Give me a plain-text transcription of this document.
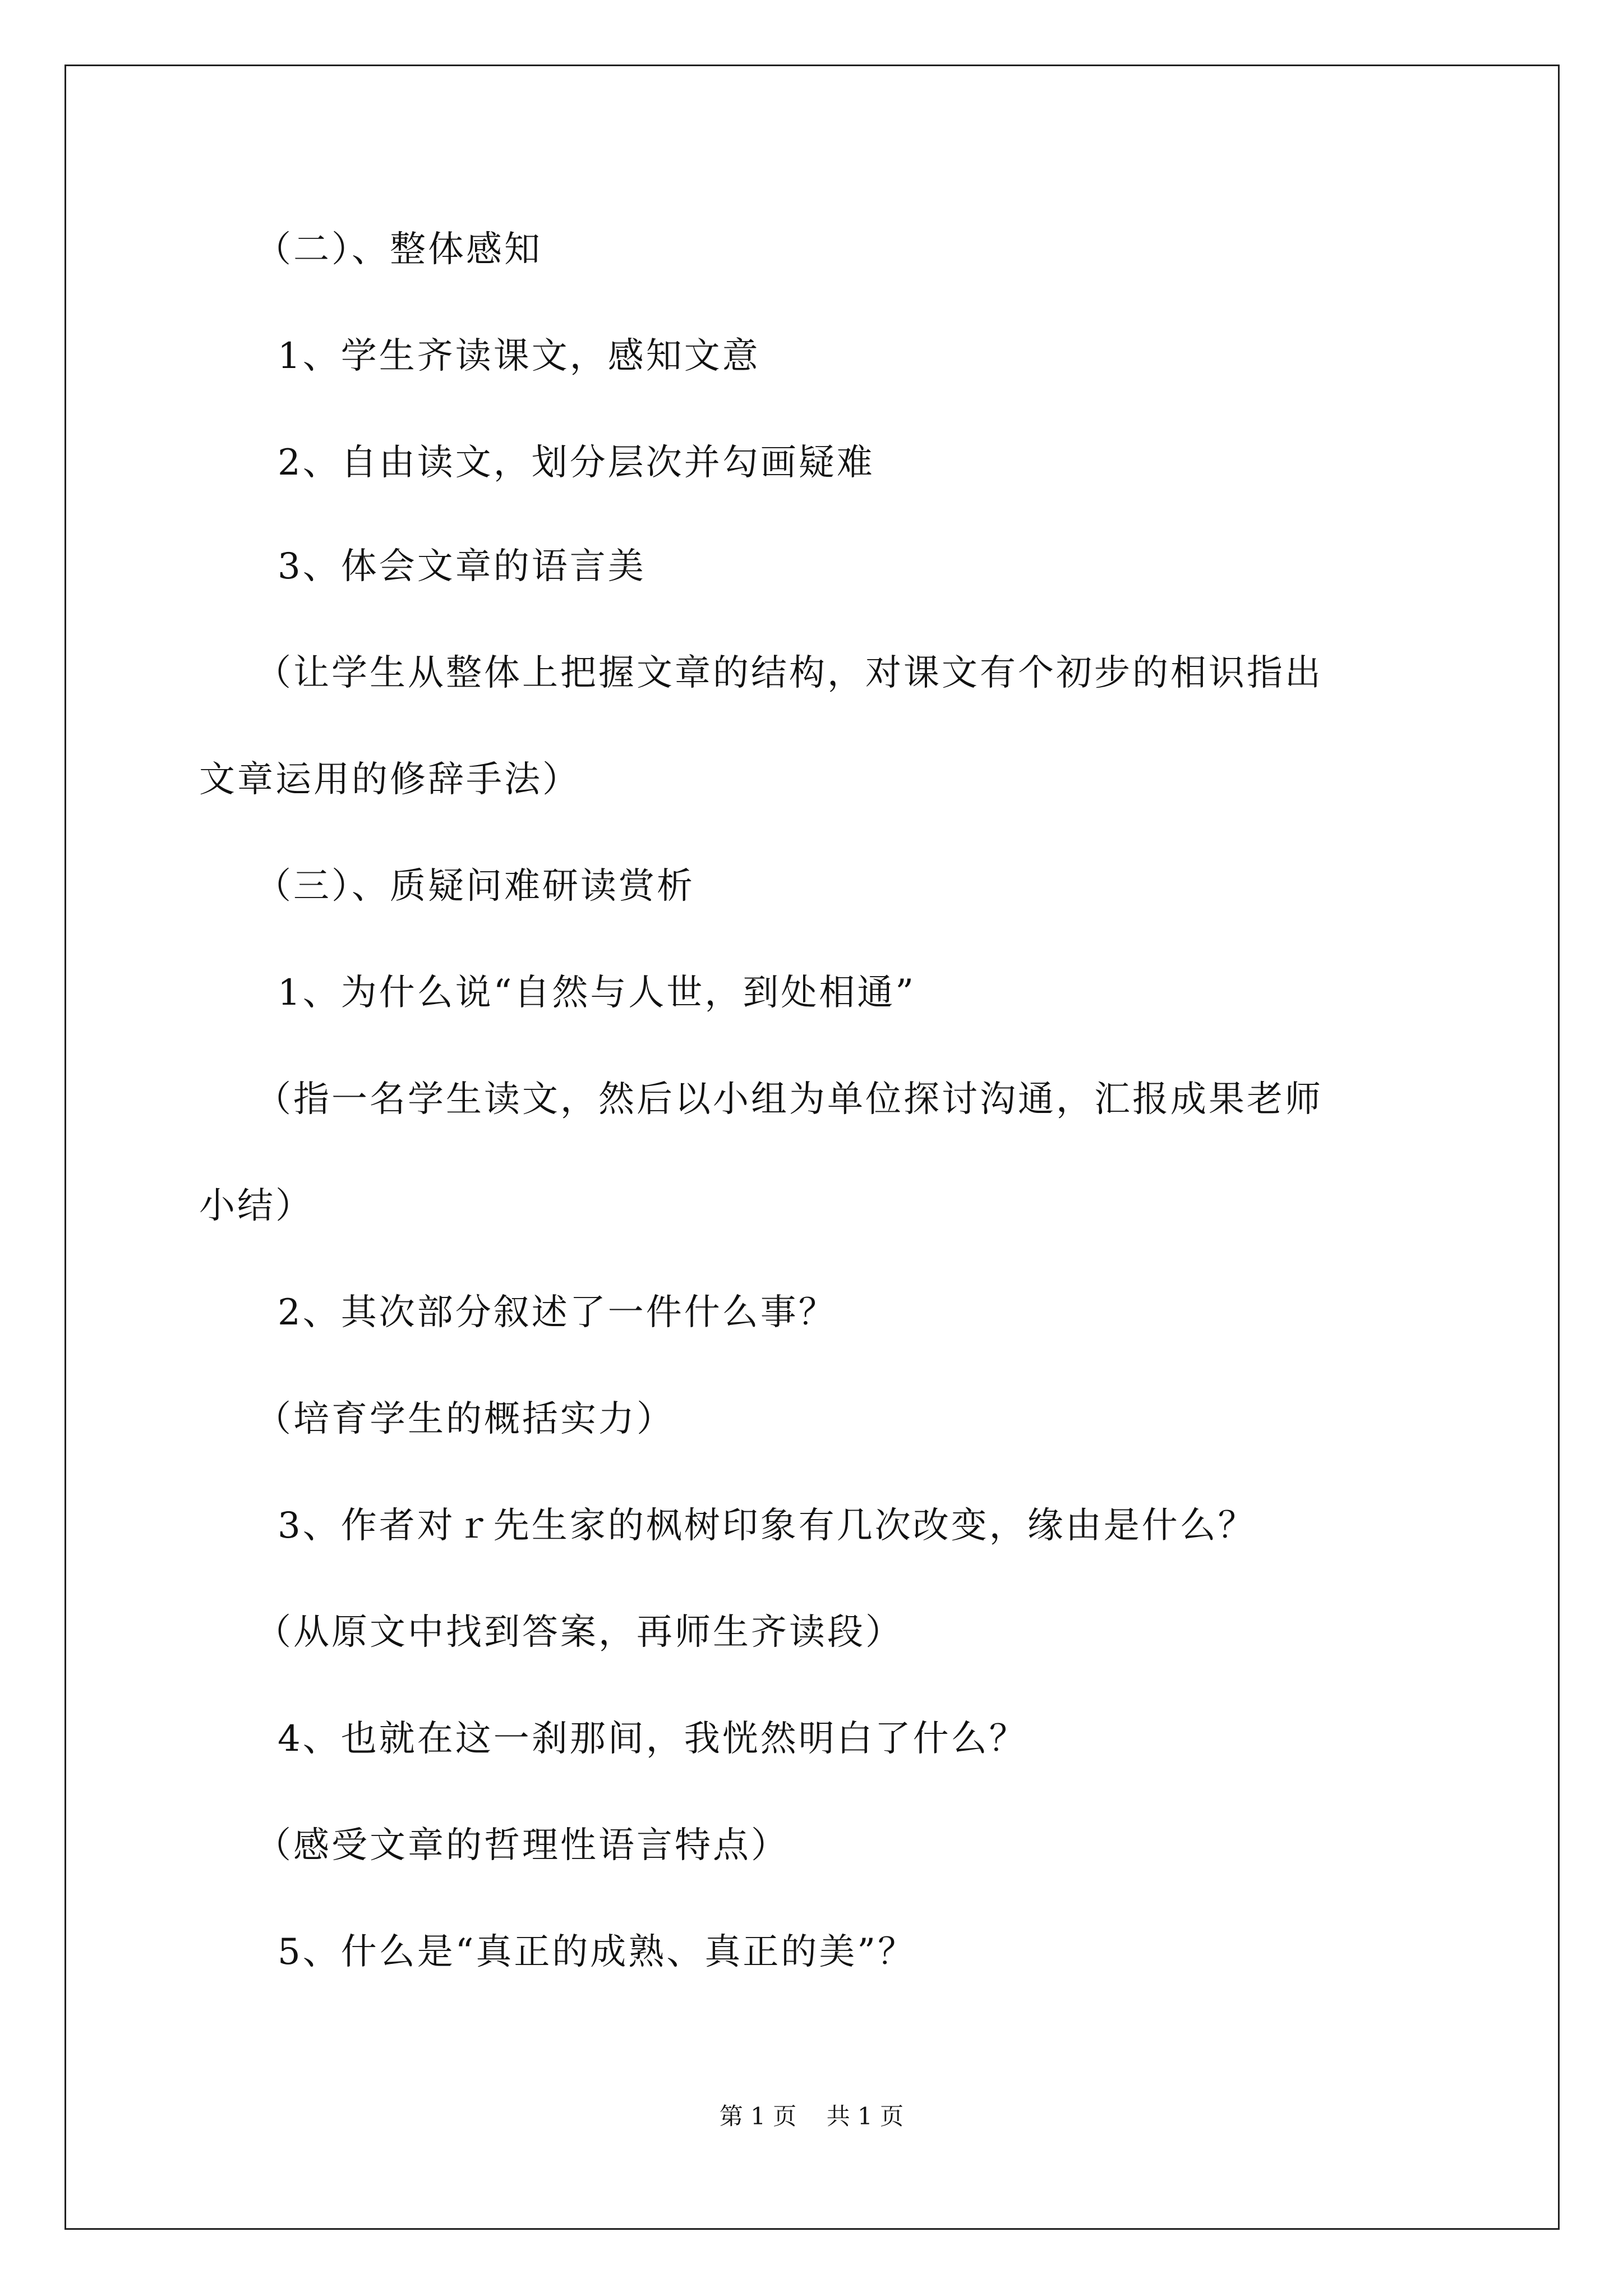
（二）、整体感知
1、学生齐读课文，感知文意
2、自由读文，划分层次并勾画疑难
3、体会文章的语言美
（让学生从整体上把握文章的结构，对课文有个初步的相识指出
文章运用的修辞手法）
（三）、质疑问难研读赏析
1、为什么说“自然与人世，到处相通”
（指一名学生读文，然后以小组为单位探讨沟通，汇报成果老师
小结）
2、其次部分叙述了一件什么事？
（培育学生的概括实力）
3、作者对ｒ先生家的枫树印象有几次改变，缘由是什么？
（从原文中找到答案，再师生齐读段）
4、也就在这一刹那间，我恍然明白了什么？
（感受文章的哲理性语言特点）
5、什么是“真正的成熟、真正的美”？
第 1 页    共 1 页
